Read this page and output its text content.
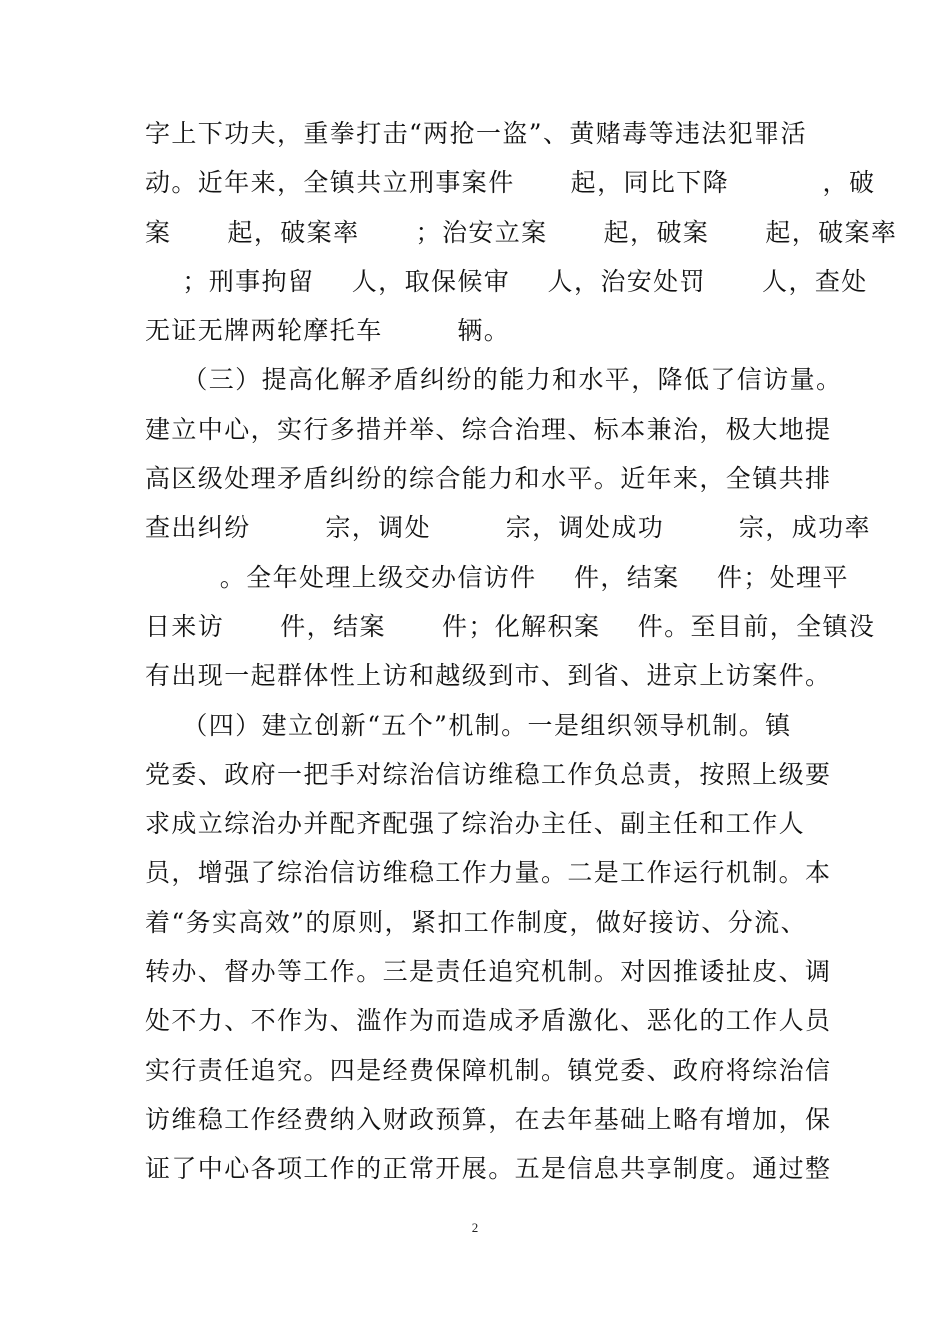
字上下功夫，重拳打击“两抢一盗”、黄赌毒等违法犯罪活
动。近年来，全镇共立刑事案件      起，同比下降          ，破
案      起，破案率      ；治安立案      起，破案      起，破案率
；刑事拘留    人，取保候审    人，治安处罚      人，查处
无证无牌两轮摩托车        辆。
（三）提高化解矛盾纠纷的能力和水平，降低了信访量。
建立中心，实行多措并举、综合治理、标本兼治，极大地提
高区级处理矛盾纠纷的综合能力和水平。近年来，全镇共排
查出纠纷        宗，调处        宗，调处成功        宗，成功率
。全年处理上级交办信访件    件，结案    件；处理平
日来访      件，结案      件；化解积案    件。至目前，全镇没
有出现一起群体性上访和越级到市、到省、进京上访案件。
（四）建立创新“五个”机制。一是组织领导机制。镇
党委、政府一把手对综治信访维稳工作负总责，按照上级要
求成立综治办并配齐配强了综治办主任、副主任和工作人
员，增强了综治信访维稳工作力量。二是工作运行机制。本
着“务实高效”的原则，紧扣工作制度，做好接访、分流、
转办、督办等工作。三是责任追究机制。对因推诿扯皮、调
处不力、不作为、滥作为而造成矛盾激化、恶化的工作人员
实行责任追究。四是经费保障机制。镇党委、政府将综治信
访维稳工作经费纳入财政预算，在去年基础上略有增加，保
证了中心各项工作的正常开展。五是信息共享制度。通过整
2
